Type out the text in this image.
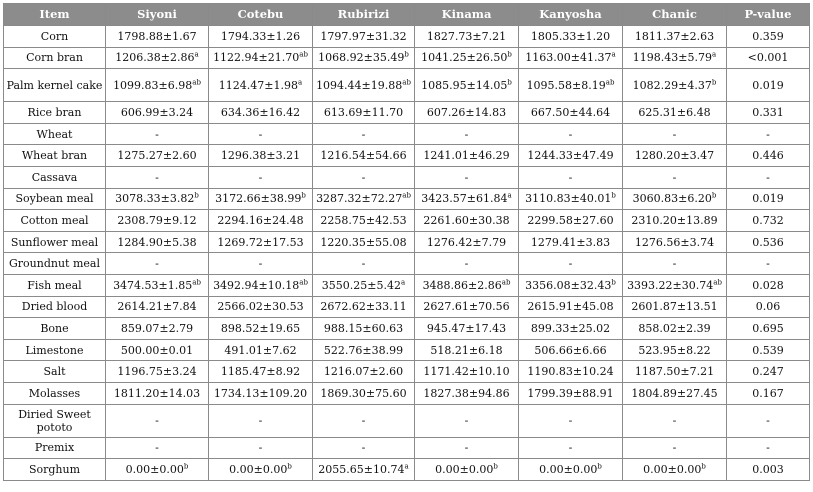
Item	Siyoni	Cotebu	Rubirizi	Kinama	Kanyosha	Chanic	P-value
Corn	1798.88±1.67	1794.33±1.26	1797.97±31.32	1827.73±7.21	1805.33±1.20	1811.37±2.63	0.359
Corn bran	1206.38±2.86$^a$	1122.94±21.70$^{ab}$	1068.92±35.49$^b$	1041.25±26.50$^b$	1163.00±41.37$^a$	1198.43±5.79$^a$	<0.001
Palm kernel cake	1099.83±6.98$^{ab}$	1124.47±1.98$^a$	1094.44±19.88$^{ab}$	1085.95±14.05$^b$	1095.58±8.19$^{ab}$	1082.29±4.37$^b$	0.019
Rice bran	606.99±3.24	634.36±16.42	613.69±11.70	607.26±14.83	667.50±44.64	625.31±6.48	0.331
Wheat	-	-	-	-	-	-	-
Wheat bran	1275.27±2.60	1296.38±3.21	1216.54±54.66	1241.01±46.29	1244.33±47.49	1280.20±3.47	0.446
Cassava	-	-	-	-	-	-	-
Soybean meal	3078.33±3.82$^b$	3172.66±38.99$^b$	3287.32±72.27$^{ab}$	3423.57±61.84$^a$	3110.83±40.01$^b$	3060.83±6.20$^b$	0.019
Cotton meal	2308.79±9.12	2294.16±24.48	2258.75±42.53	2261.60±30.38	2299.58±27.60	2310.20±13.89	0.732
Sunflower meal	1284.90±5.38	1269.72±17.53	1220.35±55.08	1276.42±7.79	1279.41±3.83	1276.56±3.74	0.536
Groundnut meal	-	-	-	-	-	-	-
Fish meal	3474.53±1.85$^{ab}$	3492.94±10.18$^{ab}$	3550.25±5.42$^a$	3488.86±2.86$^{ab}$	3356.08±32.43$^b$	3393.22±30.74$^{ab}$	0.028
Dried blood	2614.21±7.84	2566.02±30.53	2672.62±33.11	2627.61±70.56	2615.91±45.08	2601.87±13.51	0.06
Bone	859.07±2.79	898.52±19.65	988.15±60.63	945.47±17.43	899.33±25.02	858.02±2.39	0.695
Limestone	500.00±0.01	491.01±7.62	522.76±38.99	518.21±6.18	506.66±6.66	523.95±8.22	0.539
Salt	1196.75±3.24	1185.47±8.92	1216.07±2.60	1171.42±10.10	1190.83±10.24	1187.50±7.21	0.247
Molasses	1811.20±14.03	1734.13±109.20	1869.30±75.60	1827.38±94.86	1799.39±88.91	1804.89±27.45	0.167
Diried Sweet pototo	-	-	-	-	-	-	-
Premix	-	-	-	-	-	-	-
Sorghum	0.00±0.00$^b$	0.00±0.00$^b$	2055.65±10.74$^a$	0.00±0.00$^b$	0.00±0.00$^b$	0.00±0.00$^b$	0.003
